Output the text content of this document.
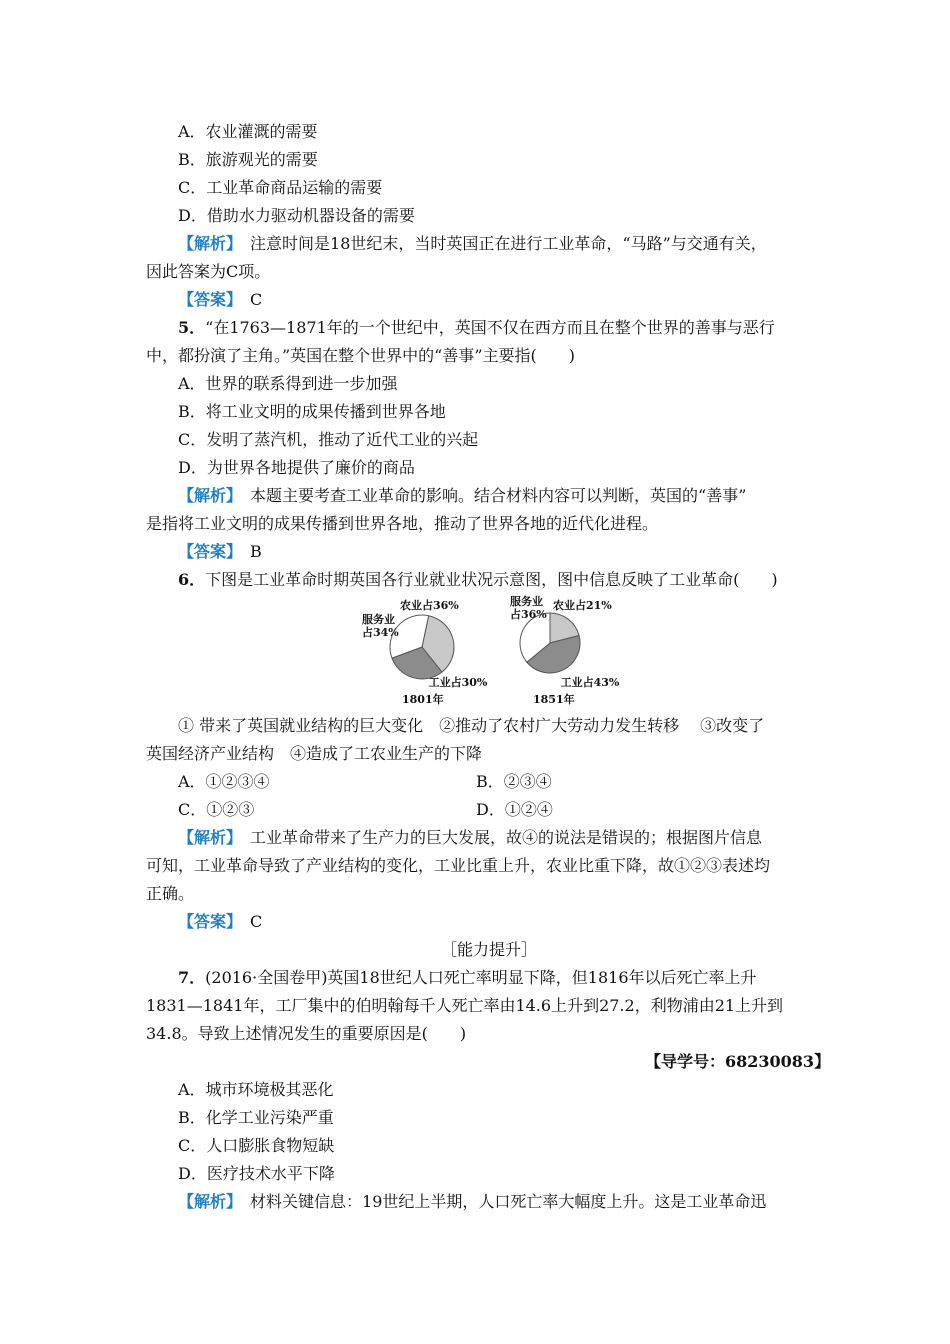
A．农业灌溉的需要
B．旅游观光的需要
C．工业革命商品运输的需要
D．借助水力驱动机器设备的需要
【解析】　 注意时间是18世纪末，当时英国正在进行工业革命，“马路”与交通有关，
因此答案为C项。
【答案】　 C
5．“在1763—1871年的一个世纪中，英国不仅在西方而且在整个世界的善事与恶行
中，都扮演了主角。”英国在整个世界中的“善事”主要指(　　)
A．世界的联系得到进一步加强
B．将工业文明的成果传播到世界各地
C．发明了蒸汽机，推动了近代工业的兴起
D．为世界各地提供了廉价的商品
【解析】　 本题主要考查工业革命的影响。结合材料内容可以判断，英国的“善事”
是指将工业文明的成果传播到世界各地，推动了世界各地的近代化进程。
【答案】　 B
6．下图是工业革命时期英国各行业就业状况示意图，图中信息反映了工业革命(　　)
农业占36%
工业占30%
服务业
占34%
1801年
农业占21%
工业占43%
服务业
占36%
1851年
① 带来了英国就业结构的巨大变化　②推动了农村广大劳动力发生转移　 ③改变了
英国经济产业结构　④造成了工农业生产的下降
A．①②③④	B．②③④
C．①②③	D．①②④
【解析】　 工业革命带来了生产力的巨大发展，故④的说法是错误的；根据图片信息
可知，工业革命导致了产业结构的变化，工业比重上升，农业比重下降，故①②③表述均
正确。
【答案】　 C
［能力提升］
7．(2016·全国卷甲)英国18世纪人口死亡率明显下降，但1816年以后死亡率上升
1831—1841年，工厂集中的伯明翰每千人死亡率由14.6上升到27.2，利物浦由21上升到
34.8。导致上述情况发生的重要原因是(　　)
【导学号：68230083】
A．城市环境极其恶化
B．化学工业污染严重
C．人口膨胀食物短缺
D．医疗技术水平下降
【解析】　 材料关键信息：19世纪上半期，人口死亡率大幅度上升。这是工业革命迅
